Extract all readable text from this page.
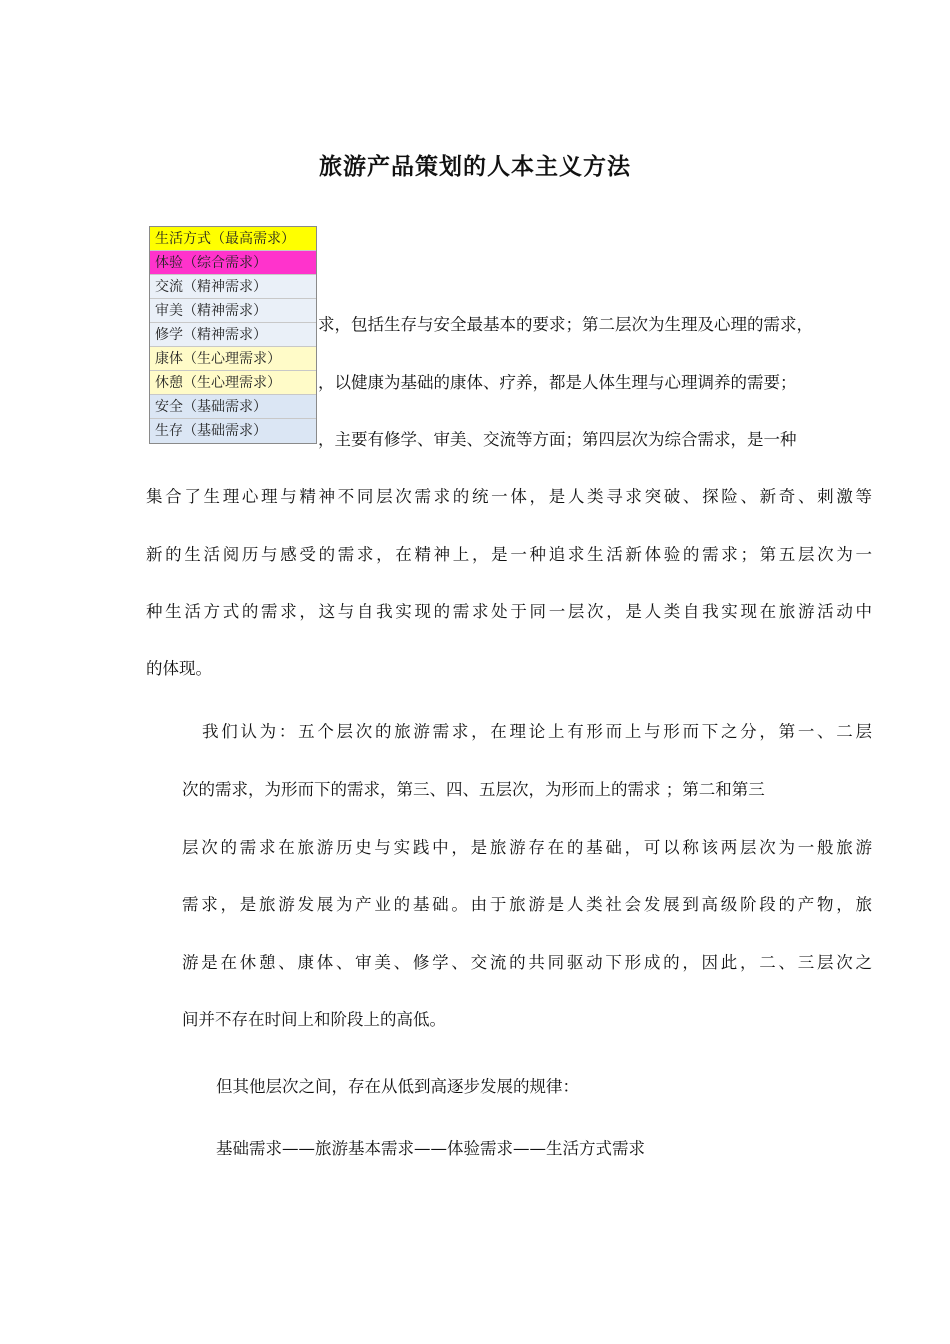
旅游产品策划的人本主义方法
求，包括生存与安全最基本的要求；第二层次为生理及心理的需求，
，以健康为基础的康体、疗养，都是人体生理与心理调养的需要；
，主要有修学、审美、交流等方面；第四层次为综合需求，是一种
集合了生理心理与精神不同层次需求的统一体，是人类寻求突破、探险、新奇、刺激等
新的生活阅历与感受的需求，在精神上，是一种追求生活新体验的需求；第五层次为一
种生活方式的需求，这与自我实现的需求处于同一层次，是人类自我实现在旅游活动中
的体现。
生活方式（最高需求）
体验（综合需求）
交流（精神需求）
审美（精神需求）
修学（精神需求）
康体（生心理需求）
休憩（生心理需求）
安全（基础需求）
生存（基础需求）
我们认为：五个层次的旅游需求，在理论上有形而上与形而下之分，第一、二层
次的需求，为形而下的需求，第三、四、五层次，为形而上的需求 ；第二和第三
层次的需求在旅游历史与实践中，是旅游存在的基础，可以称该两层次为一般旅游
需求，是旅游发展为产业的基础。由于旅游是人类社会发展到高级阶段的产物，旅
游是在休憩、康体、审美、修学、交流的共同驱动下形成的，因此，二、三层次之
间并不存在时间上和阶段上的高低。
但其他层次之间，存在从低到高逐步发展的规律：
基础需求——旅游基本需求——体验需求——生活方式需求
